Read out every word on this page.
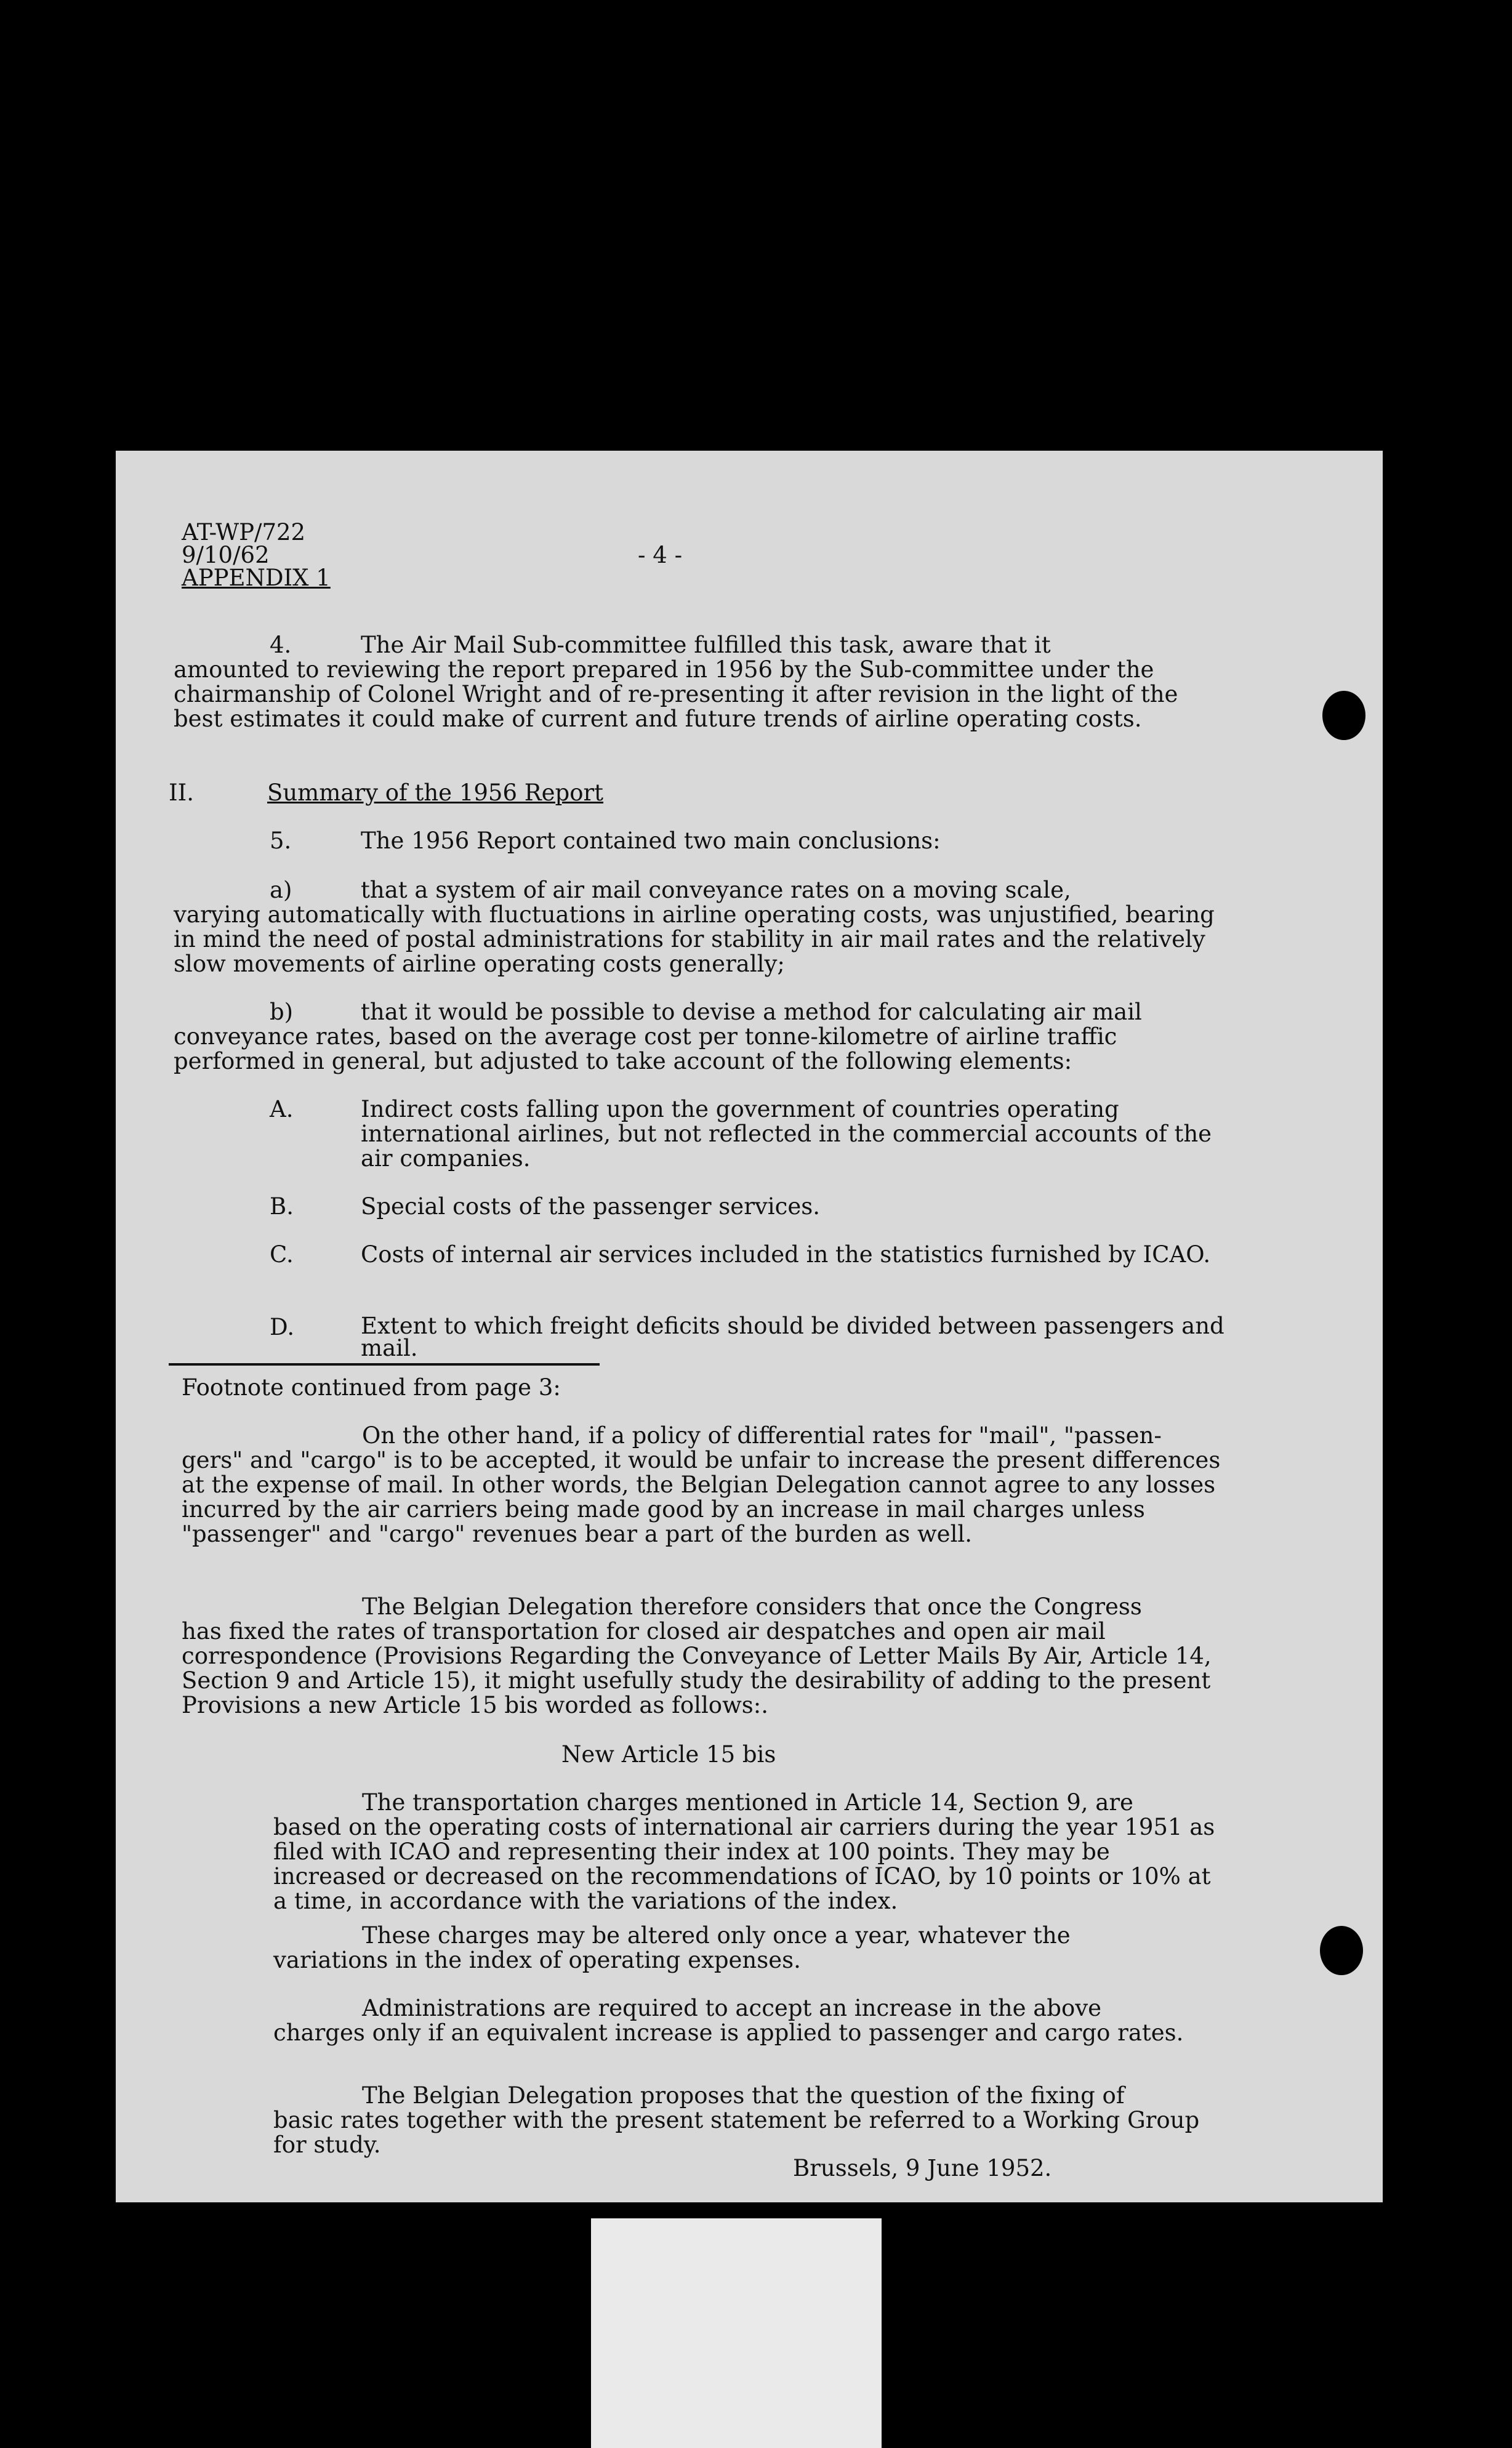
AT-WP/722
9/10/62
APPENDIX 1
- 4 -
4.	The Air Mail Sub-committee fulfilled this task, aware that it
amounted to reviewing the report prepared in 1956 by the Sub-committee under the chairmanship of Colonel Wright and of re-presenting it after revision in the light of the best estimates it could make of current and future trends of airline operating costs.
II.	Summary of the 1956 Report
5.	The 1956 Report contained two main conclusions:
a)	that a system of air mail conveyance rates on a moving scale,
varying automatically with fluctuations in airline operating costs, was unjustified, bearing in mind the need of postal administrations for stability in air mail rates and the relatively slow movements of airline operating costs generally;
b)	that it would be possible to devise a method for calculating air mail
conveyance rates, based on the average cost per tonne-kilometre of airline traffic performed in general, but adjusted to take account of the following elements:
A.	Indirect costs falling upon the government of countries operating international airlines, but not reflected in the commercial accounts of the air companies.
B.	Special costs of the passenger services.
C.	Costs of internal air services included in the statistics furnished by ICAO.
D.	Extent to which freight deficits should be divided between passengers and mail.
Footnote continued from page 3:
On the other hand, if a policy of differential rates for "mail", "passen-
gers" and "cargo" is to be accepted, it would be unfair to increase the present differences at the expense of mail. In other words, the Belgian Delegation cannot agree to any losses incurred by the air carriers being made good by an increase in mail charges unless "passenger" and "cargo" revenues bear a part of the burden as well.
The Belgian Delegation therefore considers that once the Congress
has fixed the rates of transportation for closed air despatches and open air mail correspondence (Provisions Regarding the Conveyance of Letter Mails By Air, Article 14, Section 9 and Article 15), it might usefully study the desirability of adding to the present Provisions a new Article 15 bis worded as follows:.
New Article 15 bis
The transportation charges mentioned in Article 14, Section 9, are
based on the operating costs of international air carriers during the year 1951 as filed with ICAO and representing their index at 100 points. They may be increased or decreased on the recommendations of ICAO, by 10 points or 10% at a time, in accordance with the variations of the index.
These charges may be altered only once a year, whatever the
variations in the index of operating expenses.
Administrations are required to accept an increase in the above
charges only if an equivalent increase is applied to passenger and cargo rates.
The Belgian Delegation proposes that the question of the fixing of
basic rates together with the present statement be referred to a Working Group for study.
Brussels, 9 June 1952.
